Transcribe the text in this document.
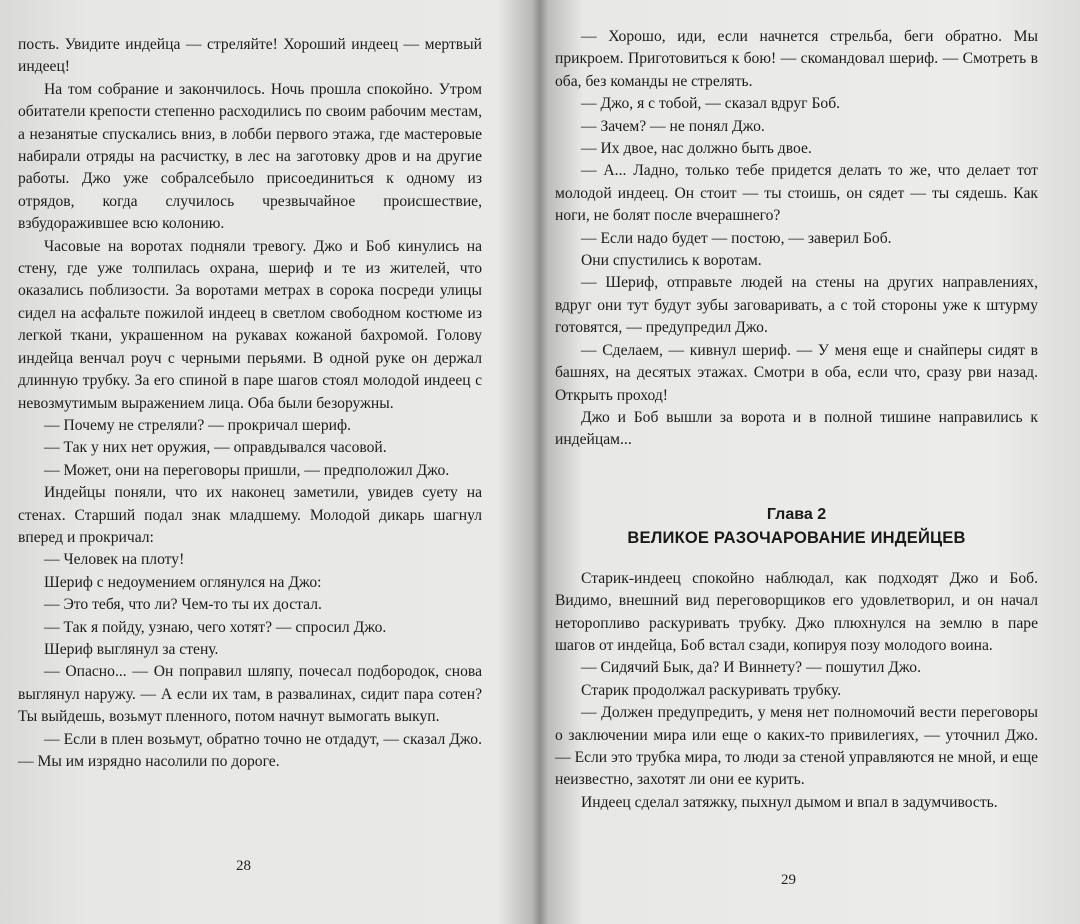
пость. Увидите индейца — стреляйте! Хороший индеец — мертвый индеец!

На том собрание и закончилось. Ночь прошла спокойно. Утром обитатели крепости степенно расходились по своим рабочим местам, а незанятые спускались вниз, в лобби первого этажа, где мастеровые набирали отряды на расчистку, в лес на заготовку дров и на другие работы. Джо уже собралсебыло присоединиться к одному из отрядов, когда случилось чрезвычайное происшествие, взбудоражившее всю колонию.

Часовые на воротах подняли тревогу. Джо и Боб кинулись на стену, где уже толпилась охрана, шериф и те из жителей, что оказались поблизости. За воротами метрах в сорока посреди улицы сидел на асфальте пожилой индеец в светлом свободном костюме из легкой ткани, украшенном на рукавах кожаной бахромой. Голову индейца венчал роуч с черными перьями. В одной руке он держал длинную трубку. За его спиной в паре шагов стоял молодой индеец с невозмутимым выражением лица. Оба были безоружны.

— Почему не стреляли? — прокричал шериф.

— Так у них нет оружия, — оправдывался часовой.

— Может, они на переговоры пришли, — предположил Джо.

Индейцы поняли, что их наконец заметили, увидев суету на стенах. Старший подал знак младшему. Молодой дикарь шагнул вперед и прокричал:

— Человек на плоту!

Шериф с недоумением оглянулся на Джо:

— Это тебя, что ли? Чем-то ты их достал.

— Так я пойду, узнаю, чего хотят? — спросил Джо.

Шериф выглянул за стену.

— Опасно... — Он поправил шляпу, почесал подбородок, снова выглянул наружу. — А если их там, в развалинах, сидит пара сотен? Ты выйдешь, возьмут пленного, потом начнут вымогать выкуп.

— Если в плен возьмут, обратно точно не отдадут, — сказал Джо. — Мы им изрядно насолили по дороге.

28

— Хорошо, иди, если начнется стрельба, беги обратно. Мы прикроем. Приготовиться к бою! — скомандовал шериф. — Смотреть в оба, без команды не стрелять.

— Джо, я с тобой, — сказал вдруг Боб.

— Зачем? — не понял Джо.

— Их двое, нас должно быть двое.

— А... Ладно, только тебе придется делать то же, что делает тот молодой индеец. Он стоит — ты стоишь, он сядет — ты сядешь. Как ноги, не болят после вчерашнего?

— Если надо будет — постою, — заверил Боб.

Они спустились к воротам.

— Шериф, отправьте людей на стены на других направлениях, вдруг они тут будут зубы заговаривать, а с той стороны уже к штурму готовятся, — предупредил Джо.

— Сделаем, — кивнул шериф. — У меня еще и снайперы сидят в башнях, на десятых этажах. Смотри в оба, если что, сразу рви назад. Открыть проход!

Джо и Боб вышли за ворота и в полной тишине направились к индейцам...

Глава 2
ВЕЛИКОЕ РАЗОЧАРОВАНИЕ ИНДЕЙЦЕВ

Старик-индеец спокойно наблюдал, как подходят Джо и Боб. Видимо, внешний вид переговорщиков его удовлетворил, и он начал неторопливо раскуривать трубку. Джо плюхнулся на землю в паре шагов от индейца, Боб встал сзади, копируя позу молодого воина.

— Сидячий Бык, да? И Виннету? — пошутил Джо.

Старик продолжал раскуривать трубку.

— Должен предупредить, у меня нет полномочий вести переговоры о заключении мира или еще о каких-то привилегиях, — уточнил Джо. — Если это трубка мира, то люди за стеной управляются не мной, и еще неизвестно, захотят ли они ее курить.

Индеец сделал затяжку, пыхнул дымом и впал в задумчивость.

29
